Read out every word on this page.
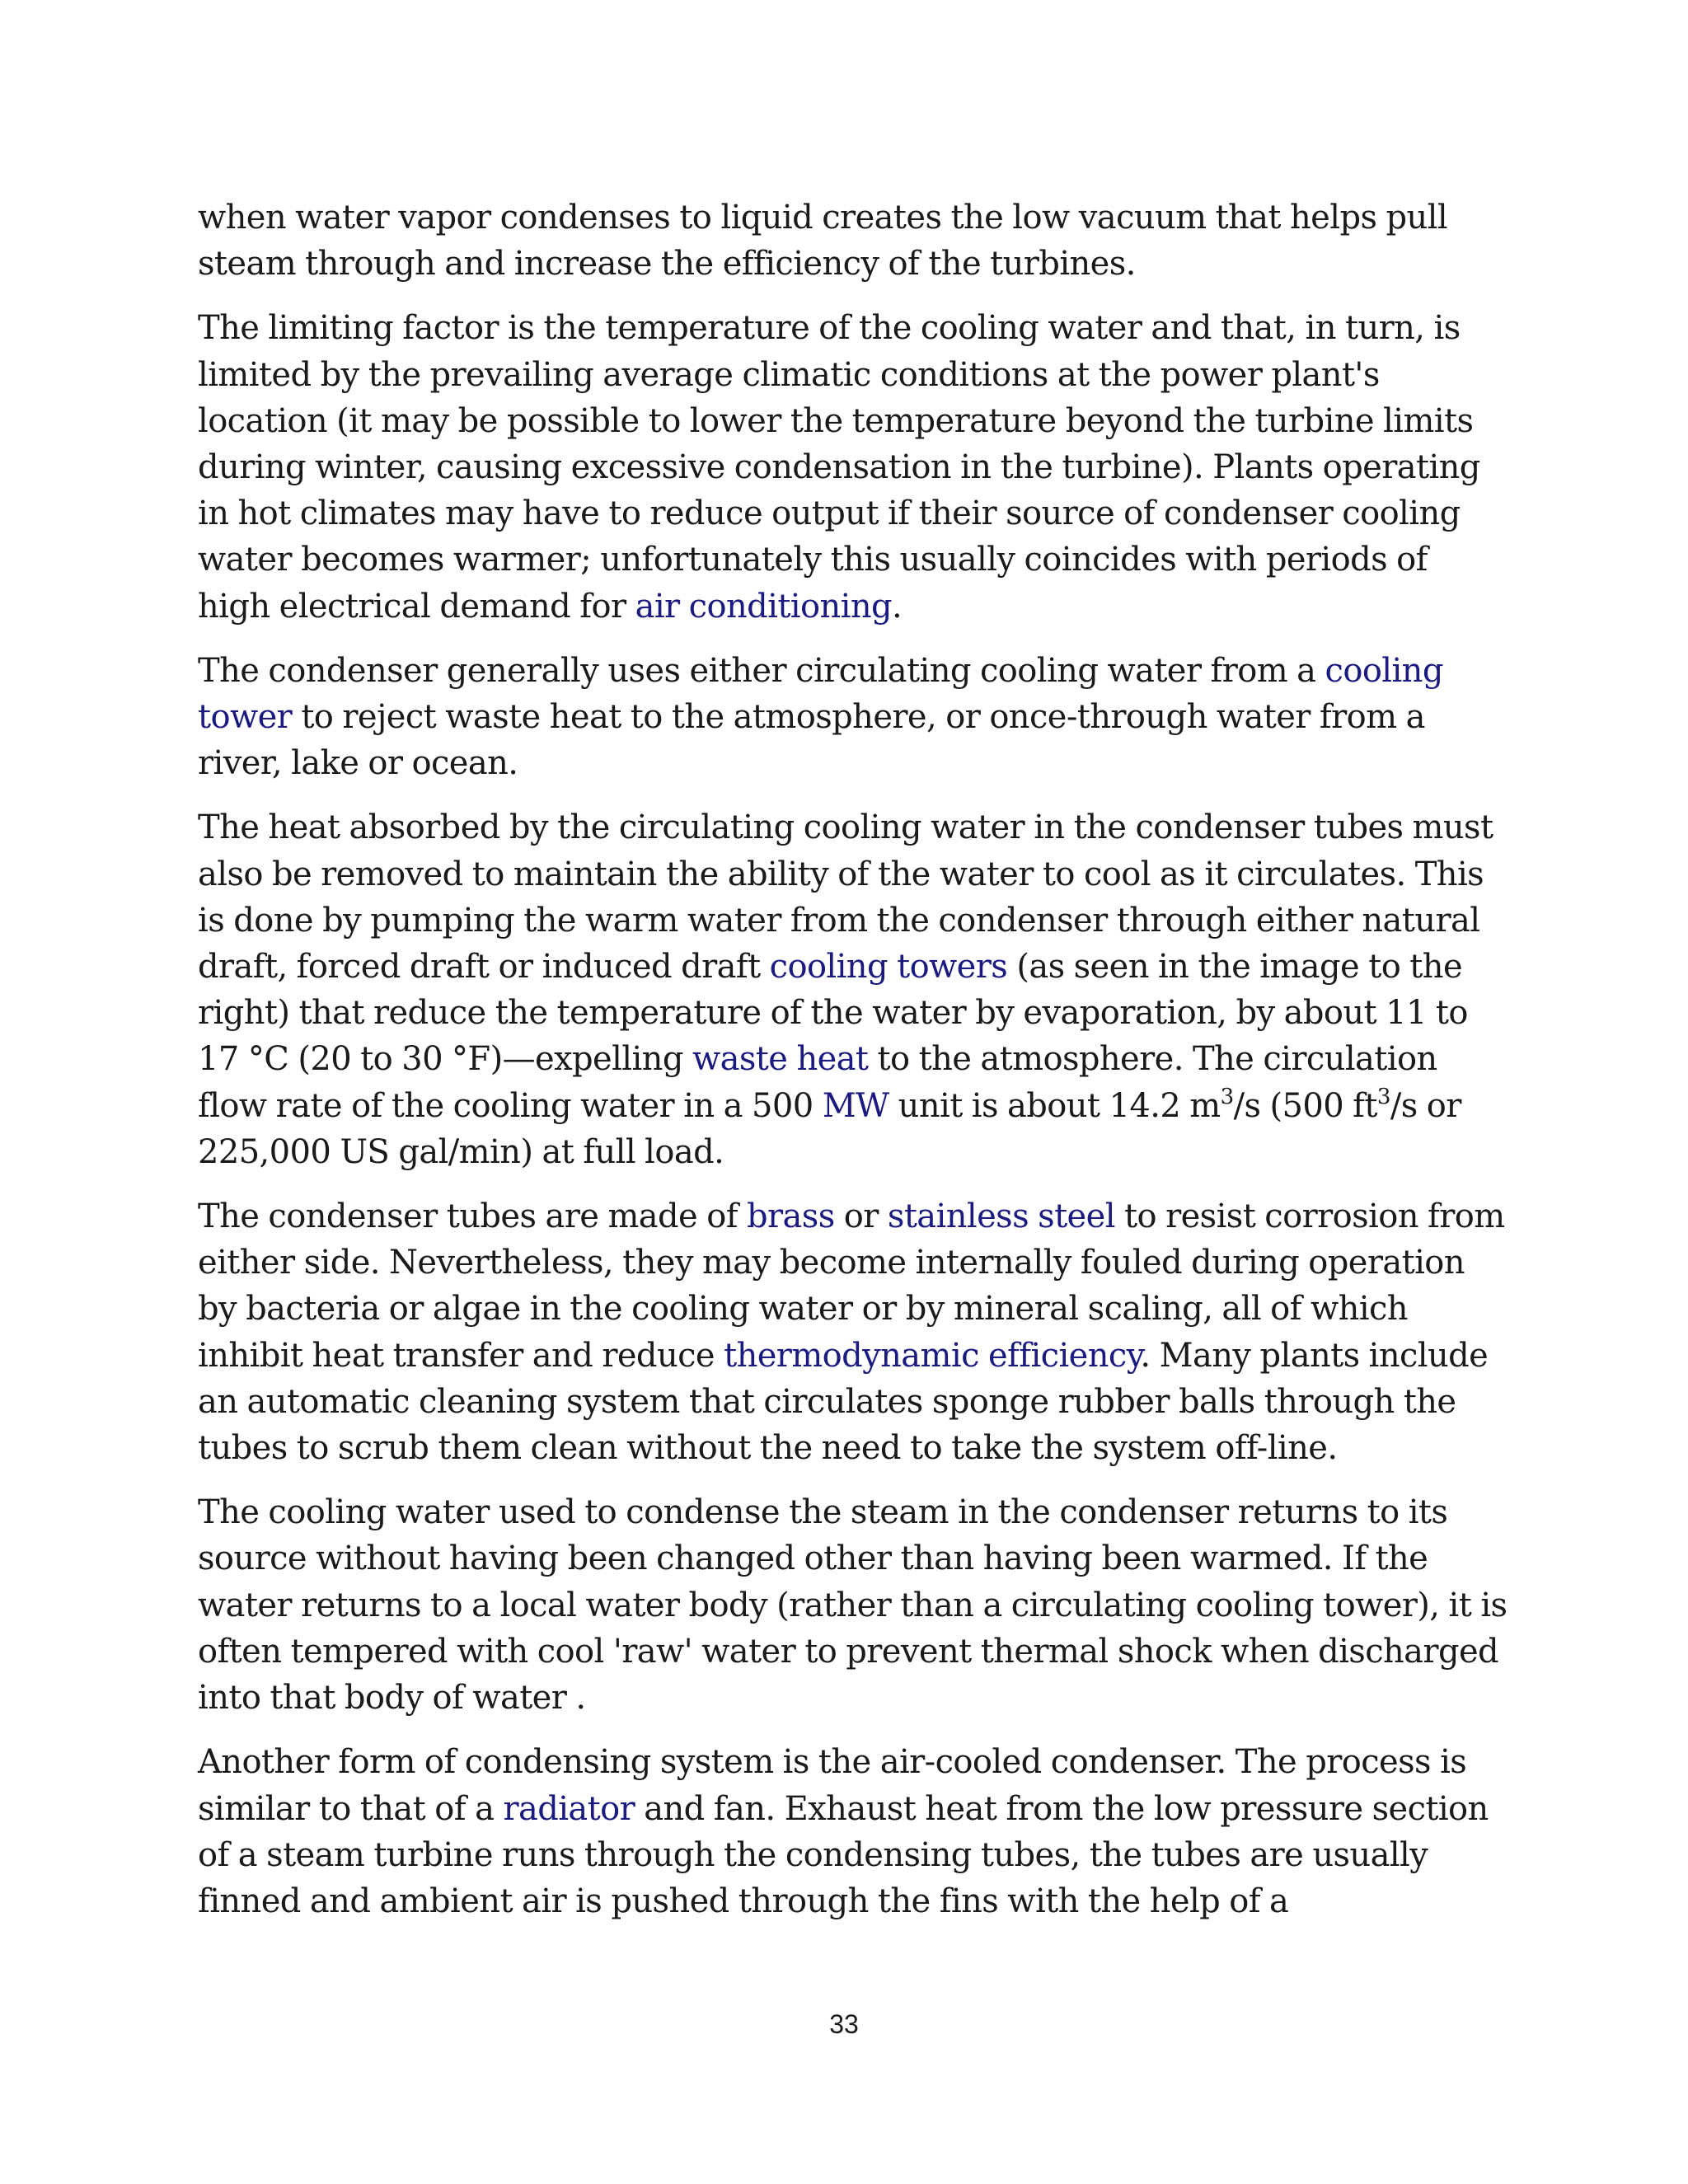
when water vapor condenses to liquid creates the low vacuum that helps pull steam through and increase the efficiency of the turbines.

The limiting factor is the temperature of the cooling water and that, in turn, is limited by the prevailing average climatic conditions at the power plant's location (it may be possible to lower the temperature beyond the turbine limits during winter, causing excessive condensation in the turbine). Plants operating in hot climates may have to reduce output if their source of condenser cooling water becomes warmer; unfortunately this usually coincides with periods of high electrical demand for air conditioning.

The condenser generally uses either circulating cooling water from a cooling tower to reject waste heat to the atmosphere, or once-through water from a river, lake or ocean.

The heat absorbed by the circulating cooling water in the condenser tubes must also be removed to maintain the ability of the water to cool as it circulates. This is done by pumping the warm water from the condenser through either natural draft, forced draft or induced draft cooling towers (as seen in the image to the right) that reduce the temperature of the water by evaporation, by about 11 to 17 °C (20 to 30 °F)—expelling waste heat to the atmosphere. The circulation flow rate of the cooling water in a 500 MW unit is about 14.2 $m^3/s$ (500 $ft^3/s$ or 225,000 US gal/min) at full load.

The condenser tubes are made of brass or stainless steel to resist corrosion from either side. Nevertheless, they may become internally fouled during operation by bacteria or algae in the cooling water or by mineral scaling, all of which inhibit heat transfer and reduce thermodynamic efficiency. Many plants include an automatic cleaning system that circulates sponge rubber balls through the tubes to scrub them clean without the need to take the system off-line.

The cooling water used to condense the steam in the condenser returns to its source without having been changed other than having been warmed. If the water returns to a local water body (rather than a circulating cooling tower), it is often tempered with cool 'raw' water to prevent thermal shock when discharged into that body of water .

Another form of condensing system is the air-cooled condenser. The process is similar to that of a radiator and fan. Exhaust heat from the low pressure section of a steam turbine runs through the condensing tubes, the tubes are usually finned and ambient air is pushed through the fins with the help of a

33
